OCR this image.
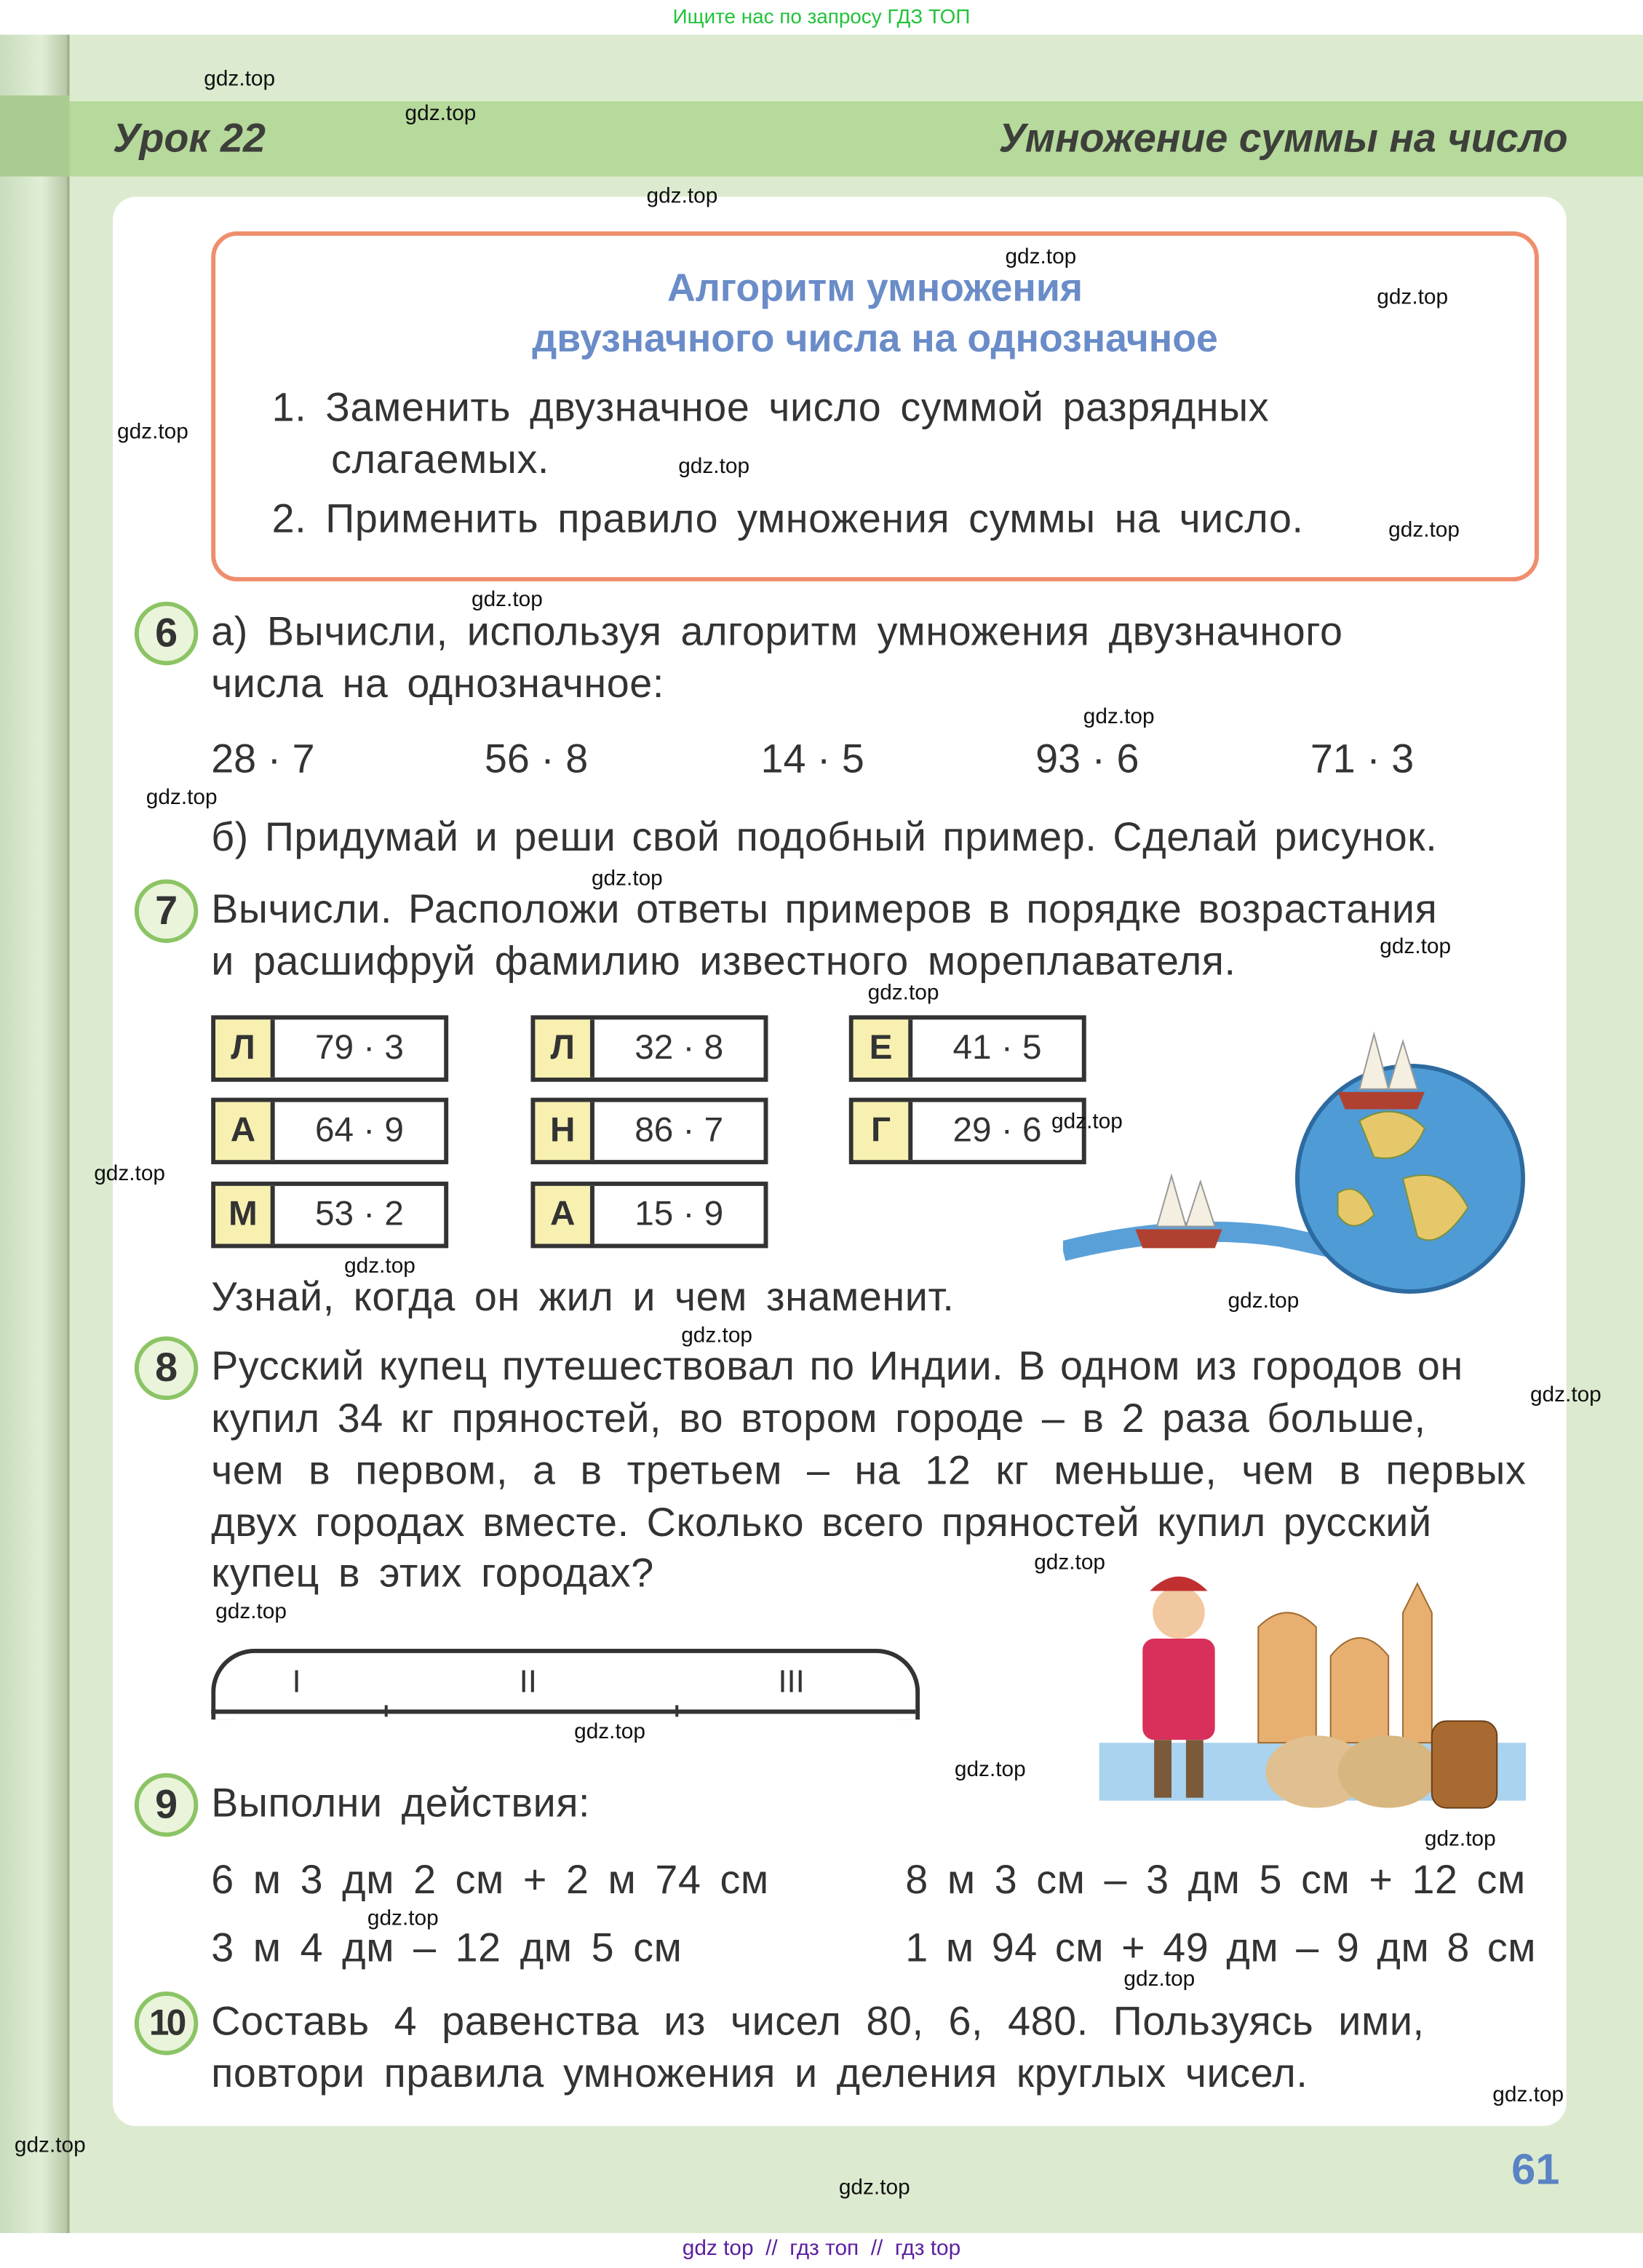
Ищите нас по запросу ГДЗ ТОП
Урок 22	Умножение суммы на число
Алгоритм умножения
двузначного числа на однозначное
1. Заменить двузначное число суммой разрядных
слагаемых.
2. Применить правило умножения суммы на число.
6	а) Вычисли, используя алгоритм умножения двузначного
числа на однозначное:
28 · 7	56 · 8	14 · 5	93 · 6	71 · 3
б) Придумай и реши свой подобный пример. Сделай рисунок.
7	Вычисли. Расположи ответы примеров в порядке возрастания
и расшифруй фамилию известного мореплавателя.
Л	79 · 3	Л	32 · 8	Е	41 · 5
А	64 · 9	Н	86 · 7	Г	29 · 6
М	53 · 2	А	15 · 9
Узнай, когда он жил и чем знаменит.
8	Русский купец путешествовал по Индии. В одном из городов он
купил 34 кг пряностей, во втором городе – в 2 раза больше,
чем в первом, а в третьем – на 12 кг меньше, чем в первых
двух городах вместе. Сколько всего пряностей купил русский
купец в этих городах?
I	II	III
9	Выполни действия:
6 м 3 дм 2 см + 2 м 74 см	8 м 3 см – 3 дм 5 см + 12 см
3 м 4 дм – 12 дм 5 см	1 м 94 см + 49 дм – 9 дм 8 см
10	Составь 4 равенства из чисел 80, 6, 480. Пользуясь ими,
повтори правила умножения и деления круглых чисел.
61
gdz.top
gdz.top
gdz.top
gdz.top
gdz.top
gdz.top
gdz.top
gdz.top
gdz.top
gdz.top
gdz.top
gdz.top
gdz.top
gdz.top
gdz.top
gdz.top
gdz.top
gdz.top
gdz.top
gdz.top
gdz.top
gdz.top
gdz.top
gdz.top
gdz.top
gdz.top
gdz.top
gdz.top
gdz.top
gdz.top
gdz top  //  гдз топ  //  гдз top
